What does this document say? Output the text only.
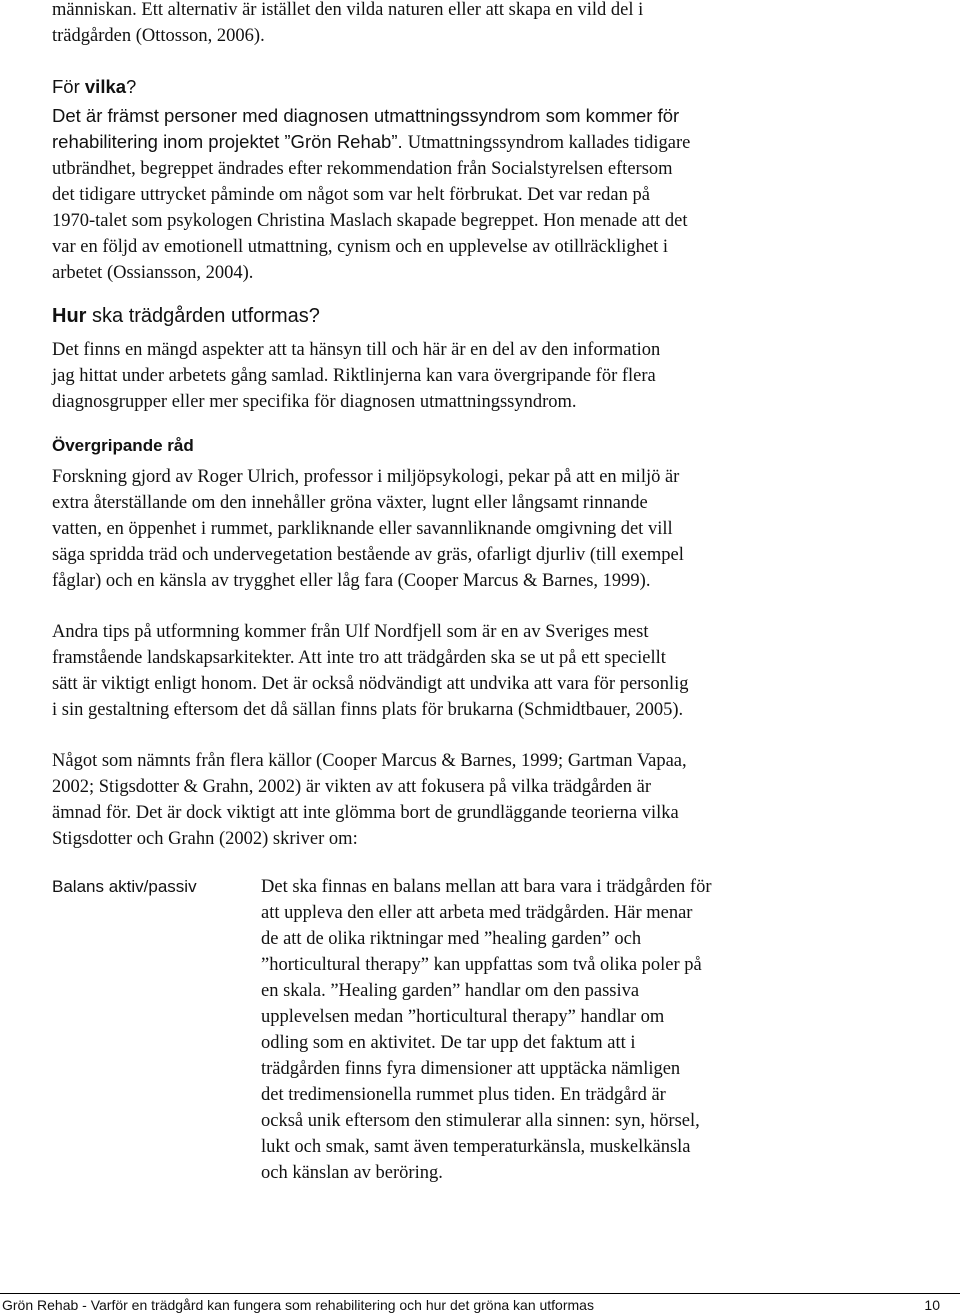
människan. Ett alternativ är istället den vilda naturen eller att skapa en vild del i
trädgården (Ottosson, 2006).
För vilka?
Det är främst personer med diagnosen utmattningssyndrom som kommer för
rehabilitering inom projektet ”Grön Rehab”. Utmattningssyndrom kallades tidigare
utbrändhet, begreppet ändrades efter rekommendation från Socialstyrelsen eftersom
det tidigare uttrycket påminde om något som var helt förbrukat. Det var redan på
1970-talet som psykologen Christina Maslach skapade begreppet. Hon menade att det
var en följd av emotionell utmattning, cynism och en upplevelse av otillräcklighet i
arbetet (Ossiansson, 2004).
Hur ska trädgården utformas?
Det finns en mängd aspekter att ta hänsyn till och här är en del av den information
jag hittat under arbetets gång samlad. Riktlinjerna kan vara övergripande för flera
diagnosgrupper eller mer specifika för diagnosen utmattningssyndrom.
Övergripande råd
Forskning gjord av Roger Ulrich, professor i miljöpsykologi, pekar på att en miljö är
extra återställande om den innehåller gröna växter, lugnt eller långsamt rinnande
vatten, en öppenhet i rummet, parkliknande eller savannliknande omgivning det vill
säga spridda träd och undervegetation bestående av gräs, ofarligt djurliv (till exempel
fåglar) och en känsla av trygghet eller låg fara (Cooper Marcus & Barnes, 1999).
Andra tips på utformning kommer från Ulf Nordfjell som är en av Sveriges mest
framstående landskapsarkitekter. Att inte tro att trädgården ska se ut på ett speciellt
sätt är viktigt enligt honom. Det är också nödvändigt att undvika att vara för personlig
i sin gestaltning eftersom det då sällan finns plats för brukarna (Schmidtbauer, 2005).
Något som nämnts från flera källor (Cooper Marcus & Barnes, 1999; Gartman Vapaa,
2002; Stigsdotter & Grahn, 2002) är vikten av att fokusera på vilka trädgården är
ämnad för. Det är dock viktigt att inte glömma bort de grundläggande teorierna vilka
Stigsdotter och Grahn (2002) skriver om:
Balans aktiv/passiv	Det ska finnas en balans mellan att bara vara i trädgården för
att uppleva den eller att arbeta med trädgården. Här menar
de att de olika riktningar med ”healing garden” och
”horticultural therapy” kan uppfattas som två olika poler på
en skala. ”Healing garden” handlar om den passiva
upplevelsen medan ”horticultural therapy” handlar om
odling som en aktivitet. De tar upp det faktum att i
trädgården finns fyra dimensioner att upptäcka nämligen
det tredimensionella rummet plus tiden. En trädgård är
också unik eftersom den stimulerar alla sinnen: syn, hörsel,
lukt och smak, samt även temperaturkänsla, muskelkänsla
och känslan av beröring.
Grön Rehab - Varför en trädgård kan fungera som rehabilitering och hur det gröna kan utformas	10
